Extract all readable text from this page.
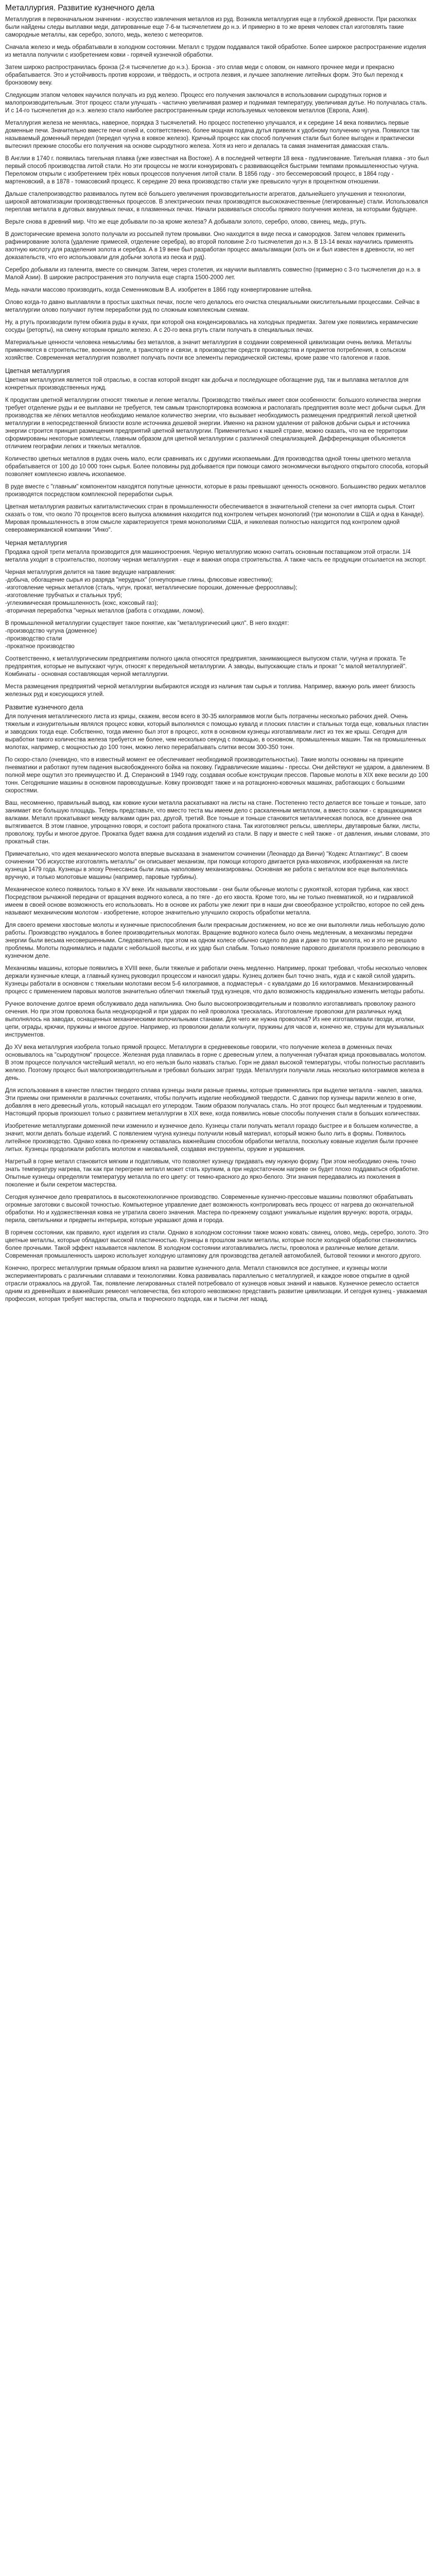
Металлургия. Развитие кузнечного дела
Металлургия в первоначальном значении - искусство извлечения металлов из руд. Возникла металлургия еще в глубокой древности. При раскопках были найдены следы выплавки меди, датированные еще 7-6-м тысячелетием до н.э. И примерно в то же время человек стал изготовлять такие самородные металлы, как серебро, золото, медь, железо с метеоритов.
Сначала железо и медь обрабатывали в холодном состоянии. Металл с трудом поддавался такой обработке. Более широкое распространение изделия из металла получили с изобретением ковки - горячей кузнечной обработки.
Затем широко распространилась бронза (2-я тысячелетие до н.э.). Бронза - это сплав меди с оловом, он намного прочнее меди и прекрасно обрабатывается. Это и устойчивость против коррозии, и твёрдость, и острота лезвия, и лучшее заполнение литейных форм. Это был переход к бронзовому веку.
Следующим этапом человек научился получать из руд железо. Процесс его получения заключался в использовании сыродутных горнов и малопроизводительным. Этот процесс стали улучшать - частично увеличивая размер и поднимая температуру, увеличивая дутье. Но получалась сталь. И с 14-го тысячелетия до н.э. железо стало наиболее распространенным среди используемых человеком металлов (Европа, Азия).
Металлургия железа не менялась, наверное, порядка 3 тысячелетий. Но процесс постепенно улучшался, и к середине 14 века появились первые доменные печи. Значительно вместе печи огней и, соответственно, более мощная подача дутья привели к удобному получению чугуна. Появился так называемый доменный передел (передел чугуна в ковкое железо). Кричный процесс как способ получения стали был более выгоден и практически вытеснил прежние способы его получения на основе сыродутного железа. Хотя из него и делалась та самая знаменитая дамасская сталь.
В Англии в 1740 г. появилась тигельная плавка (уже известная на Востоке). А в последней четверти 18 века - пудлингование. Тигельная плавка - это был первый способ производства литой стали. Но эти процессы не могли конкурировать с развивающейся быстрыми темпами промышленностью чугуна. Переломом открыли с изобретением трёх новых процессов получения литой стали. В 1856 году - это бессемеровский процесс, в 1864 году - мартеновский, а в 1878 - томасовский процесс. К середине 20 века производство стали уже превысило чугун в процентном отношении.
Дальше сталепроизводство развивалось путем всё большего увеличения производительности агрегатов, дальнейшего улучшения и технологии, широкой автоматизации производственных процессов. В электрических печах производятся высококачественные (легированные) стали. Использовался переплав металла в дуговых вакуумных печах, в плазменных печах. Начали развиваться способы прямого получения железа, за которыми будущее.
Верьте снова в древний мир. Что же еще добывали по-за кроме железа? А добывали золото, серебро, олово, свинец, медь, ртуть.
В доисторические времена золото получали из россыпей путем промывки. Оно находится в виде песка и самородков. Затем человек применить рафинирование золота (удаление примесей, отделение серебра), во второй половине 2-го тысячелетия до н.э. В 13-14 веках научились применять азотную кислоту для разделения золота и серебра. А в 19 веке был разработан процесс амальгамации (хоть он и был известен в древности, но нет доказательств, что его использовали для добычи золота из песка и руд).
Серебро добывали из галенита, вместе со свинцом. Затем, через столетия, их научили выплавлять совместно (примерно с 3-го тысячелетия до н.э. в Малой Азии). В широкие распространения это получила еще старта 1500-2000 лет.
Медь начали массово производить, когда Семенниковым В.А. изобретен в 1866 году конвертирование штейна.
Олово когда-то давно выплавляли в простых шахтных печах, после чего делалось его очистка специальными окислительными процессами. Сейчас в металлургии олово получают путем переработки руд по сложным комплексным схемам.
Ну, а ртуть производили путем обжига руды в кучах, при которой она конденсировалась на холодных предметах. Затем уже появились керамические сосуды (реторты), на смену которым пришло железо. А с 20-го века ртуть стали получать в специальных печах.
Материальные ценности человека немыслимы без металлов, а значит металлургия в создании современной цивилизации очень велика. Металлы применяются в строительстве, военном деле, в транспорте и связи, в производстве средств производства и предметов потребления, в сельском хозяйстве. Современная металлургия позволяет получать почти все элементы периодической системы, кроме разве что галогенов и газов.
Цветная металлургия
Цветная металлургия является той отраслью, в состав которой входят как добыча и последующее обогащение руд, так и выплавка металлов для конкретных производственных нужд.
К продуктам цветной металлургии относят тяжелые и легкие металлы. Производство тяжёлых имеет свои особенности: большого количества энергии требует отделение руды и ее выплавки не требуется, тем самым транспортировка возможна и располагать предприятия возле мест добычи сырья. Для производства же лёгких металлов необходимо немалое количество энергии, что вызывает необходимость размещения предприятий легкой цветной металлургии в непосредственной близости возле источника дешевой энергии. Именно на разном удалении от районов добычи сырья и источника энергии строится принцип размещения предприятий цветной металлургии. Применительно к нашей стране, можно сказать, что на ее территории сформированы некоторые комплексы, главным образом для цветной металлургии с различной специализацией. Дифференциация объясняется отличием географии легких и тяжелых металлов.
Количество цветных металлов в рудах очень мало, если сравнивать их с другими ископаемыми. Для производства одной тонны цветного металла обрабатывается от 100 до 10 000 тонн сырья. Более половины руд добывается при помощи самого экономически выгодного открытого способа, который позволяет комплексно извлечь ископаемое.
В руде вместе с "главным" компонентом находятся попутные ценности, которые в разы превышают ценность основного. Большинство редких металлов производятся посредством комплексной переработки сырья.
Цветная металлургия развитых капиталистических стран в промышленности обеспечивается в значительной степени за счет импорта сырья. Стоит сказать о том, что около 70 процентов всего выпуска алюминия находится под контролем четырех монополий (три монополии в США и одна в Канаде). Мировая промышленность в этом смысле характеризуется тремя монополиями США, и никелевая полностью находится под контролем одной североамериканской компании "Инко".
Черная металлургия
Продажа одной трети металла производится для машиностроения. Черную металлургию можно считать основным поставщиком этой отрасли. 1/4 металла уходит в строительство, поэтому черная металлургия - еще и важная опора строительства. А также часть ее продукции отсылается на экспорт.
Черная металлургия делится на такие ведущие направления:
-добыча, обогащение сырья из разряда "нерудных" (огнеупорные глины, флюсовые известняки);
-изготовление черных металлов (сталь, чугун, прокат, металлические порошки, доменные ферросплавы);
-изготовление трубчатых и стальных труб;
-углехимическая промышленность (кокс, коксовый газ);
-вторичная переработка "черных металлов (работа с отходами, ломом).
В промышленной металлургии существует такое понятие, как "металлургический цикл". В него входят:
-производство чугуна (доменное)
-производство стали
-прокатное производство
Соответственно, к металлургическим предприятиям полного цикла относятся предприятия, занимающиеся выпуском стали, чугуна и проката. Те предприятия, которые не выпускают чугун, относят к передельной металлургии. А заводы, выпускающие сталь и прокат "с малой металлургией". Комбинаты - основная составляющая черной металлургии.
Места размещения предприятий черной металлургии выбираются исходя из наличия там сырья и топлива. Например, важную роль имеет близость железных руд и коксующихся углей.
Развитие кузнечного дела
Для получения металлического листа из крицы, скажем, весом всего в 30-35 килограммов могли быть потрачены несколько рабочих дней. Очень тяжелым и изнурительным являлся процесс ковки, который выполнялся с помощью кувалд и плоских пластин и стальных тогда еще, ковальных пластин и заводских тогда еще. Собственно, тогда именно был этот в процесс, хотя в основном кузнецы изготавливали лист из тех же крыш. Сегодня для выработки такого количества железа требуется не более, чем несколько секунд с помощью, в основном, промышленных машин. Так на промышленных молотах, например, с мощностью до 100 тонн, можно легко перерабатывать слитки весом 300-350 тонн.
По скоро-стало (очевидно, что в известный момент ее обеспечивает необходимой производительностью). Такие молоты основаны на принципе пневматики и работают путем падения высвобожденного бойка на поковку. Гидравлические машины - прессы. Они действуют не ударом, а давлением. В полной мере ощутил это преимущество И. Д. Сперанский в 1949 году, создавая особые конструкции прессов. Паровые молоты в XIX веке весили до 100 тонн. Сегодняшние машины в основном паровоздушные. Ковку производят также и на ротационно-ковочных машинах, работающих с большими скоростями.
Ваш, несомненно, правильный вывод, как ковкие куски металла раскатывают на листы на стане. Постепенно тесто делается все тоньше и тоньше, зато занимает все большую площадь. Теперь представьте, что вместо теста мы имеем дело с раскаленным металлом, а вместо скалки - с вращающимися валками. Металл прокатывают между валками один раз, другой, третий. Все тоньше и тоньше становится металлическая полоса, все длиннее она вытягивается. В этом главное, упрощенно говоря, и состоит работа прокатного стана. Так изготовляют рельсы, швеллеры, двутавровые балки, листы, проволоку, трубы и многое другое. Прокатка будет важна для создания изделий из стали. В пару и вместе с ней также - от давления, иными словами, это прокатный стан.
Примечательно, что идея механического молота впервые высказана в знаменитом сочинении (Леонардо да Винчи) "Кодекс Атлантикус". В своем сочинении "Об искусстве изготовлять металлы" он описывает механизм, при помощи которого двигается рука-маховичок, изображенная на листе кузнеца 1479 года. Кузнецы в эпоху Ренессанса были лишь наполовину механизированы. Основная же работа с металлом все еще выполнялась вручную, и только молотовые машины (например, паровые турбины).
Механическое колесо появилось только в XV веке. Их называли хвостовыми - они были обычные молоты с рукояткой, которая турбина, как хвост. Посредством рычажной передачи от вращения водяного колеса, а по тяге - до его хвоста. Кроме того, мы не только пневматикой, но и гидравликой имеем в своей основе возможность его использовать. Но в основе их работы уже лежит при в наши дни своеобразное устройство, которое по сей день называют механическим молотом - изобретение, которое значительно улучшило скорость обработки металла.
Для своего времени хвостовые молоты и кузнечные приспособления были прекрасным достижением, но все же они выполняли лишь небольшую долю работы. Производство нуждалось в более производительных молотах. Вращение водяного колеса было очень медленным, а механизмы передачи энергии были весьма несовершенными. Следовательно, при этом на одном колесе обычно сидело по два и даже по три молота, но и это не решало проблемы. Молоты поднимались и падали с небольшой высоты, и их удар был слабым. Только появление парового двигателя произвело революцию в кузнечном деле.
Механизмы машины, которые появились в XVIII веке, были тяжелые и работали очень медленно. Например, прокат требовал, чтобы несколько человек держали кузнечные клещи, а главный кузнец руководил процессом и наносил удары. Кузнец должен был точно знать, куда и с какой силой ударить. Кузнецы работали в основном с тяжелыми молотами весом 5-6 килограммов, а подмастерья - с кувалдами до 16 килограммов. Механизированный процесс с применением паровых молотов значительно облегчил тяжелый труд кузнецов, что дало возможность кардинально изменить методы работы.
Ручное волочение долгое время обслуживало деда напильника. Оно было высокопроизводительным и позволяло изготавливать проволоку разного сечения. Но при этом проволока была неоднородной и при ударах по ней проволока трескалась. Изготовление проволоки для различных нужд выполнялось на заводах, оснащенных механическими волочильными станами. Для чего же нужна проволока? Из нее изготавливали гвозди, иголки, цепи, ограды, крючки, пружины и многое другое. Например, из проволоки делали кольчуги, пружины для часов и, конечно же, струны для музыкальных инструментов.
До XV века металлургия изобрела только прямой процесс. Металлурги в средневековье говорили, что получение железа в доменных печах основывалось на "сыродутном" процессе. Железная руда плавилась в горне с древесным углем, а полученная губчатая крица проковывалась молотом. В этом процессе получался чистейший металл, но его нельзя было назвать сталью. Горн не давал высокой температуры, чтобы полностью расплавить железо. Поэтому процесс был малопроизводительным и требовал больших затрат труда. Металлурги получали лишь несколько килограммов железа в день.
Для использования в качестве пластин твердого сплава кузнецы знали разные приемы, которые применялись при выделке металла - наклеп, закалка. Эти приемы они применяли в различных сочетаниях, чтобы получить изделие необходимой твердости. С давних пор кузнецы варили железо в огне, добавляя в него древесный уголь, который насыщал его углеродом. Таким образом получалась сталь. Но этот процесс был медленным и трудоемким. Настоящий прорыв произошел только с развитием металлургии в XIX веке, когда появились новые способы получения стали в больших количествах.
Изобретение металлургами доменной печи изменило и кузнечное дело. Кузнецы стали получать металл гораздо быстрее и в большем количестве, а значит, могли делать больше изделий. С появлением чугуна кузнецы получили новый материал, который можно было лить в формы. Появилось литейное производство. Однако ковка по-прежнему оставалась важнейшим способом обработки металла, поскольку кованые изделия были прочнее литых. Кузнецы продолжали работать молотом и наковальней, создавая инструменты, оружие и украшения.
Нагретый в горне металл становится мягким и податливым, что позволяет кузнецу придавать ему нужную форму. При этом необходимо очень точно знать температуру нагрева, так как при перегреве металл может стать хрупким, а при недостаточном нагреве он будет плохо поддаваться обработке. Опытные кузнецы определяли температуру металла по его цвету: от темно-красного до ярко-белого. Эти знания передавались из поколения в поколение и были секретом мастерства.
Сегодня кузнечное дело превратилось в высокотехнологичное производство. Современные кузнечно-прессовые машины позволяют обрабатывать огромные заготовки с высокой точностью. Компьютерное управление дает возможность контролировать весь процесс от нагрева до окончательной обработки. Но и художественная ковка не утратила своего значения. Мастера по-прежнему создают уникальные изделия вручную: ворота, ограды, перила, светильники и предметы интерьера, которые украшают дома и города.
В горячем состоянии, как правило, куют изделия из стали. Однако в холодном состоянии также можно ковать: свинец, олово, медь, серебро, золото. Это цветные металлы, которые обладают высокой пластичностью. Кузнецы в прошлом знали металлы, которые после холодной обработки становились более прочными. Такой эффект называется наклепом. В холодном состоянии изготавливались листы, проволока и различные мелкие детали. Современная промышленность широко использует холодную штамповку для производства деталей автомобилей, бытовой техники и многого другого.
Конечно, прогресс металлургии прямым образом влиял на развитие кузнечного дела. Металл становился все доступнее, и кузнецы могли экспериментировать с различными сплавами и технологиями. Ковка развивалась параллельно с металлургией, и каждое новое открытие в одной отрасли отражалось на другой. Так, появление легированных сталей потребовало от кузнецов новых знаний и навыков. Кузнечное ремесло остается одним из древнейших и важнейших ремесел человечества, без которого невозможно представить развитие цивилизации. И сегодня кузнец - уважаемая профессия, которая требует мастерства, опыта и творческого подхода, как и тысячи лет назад.
